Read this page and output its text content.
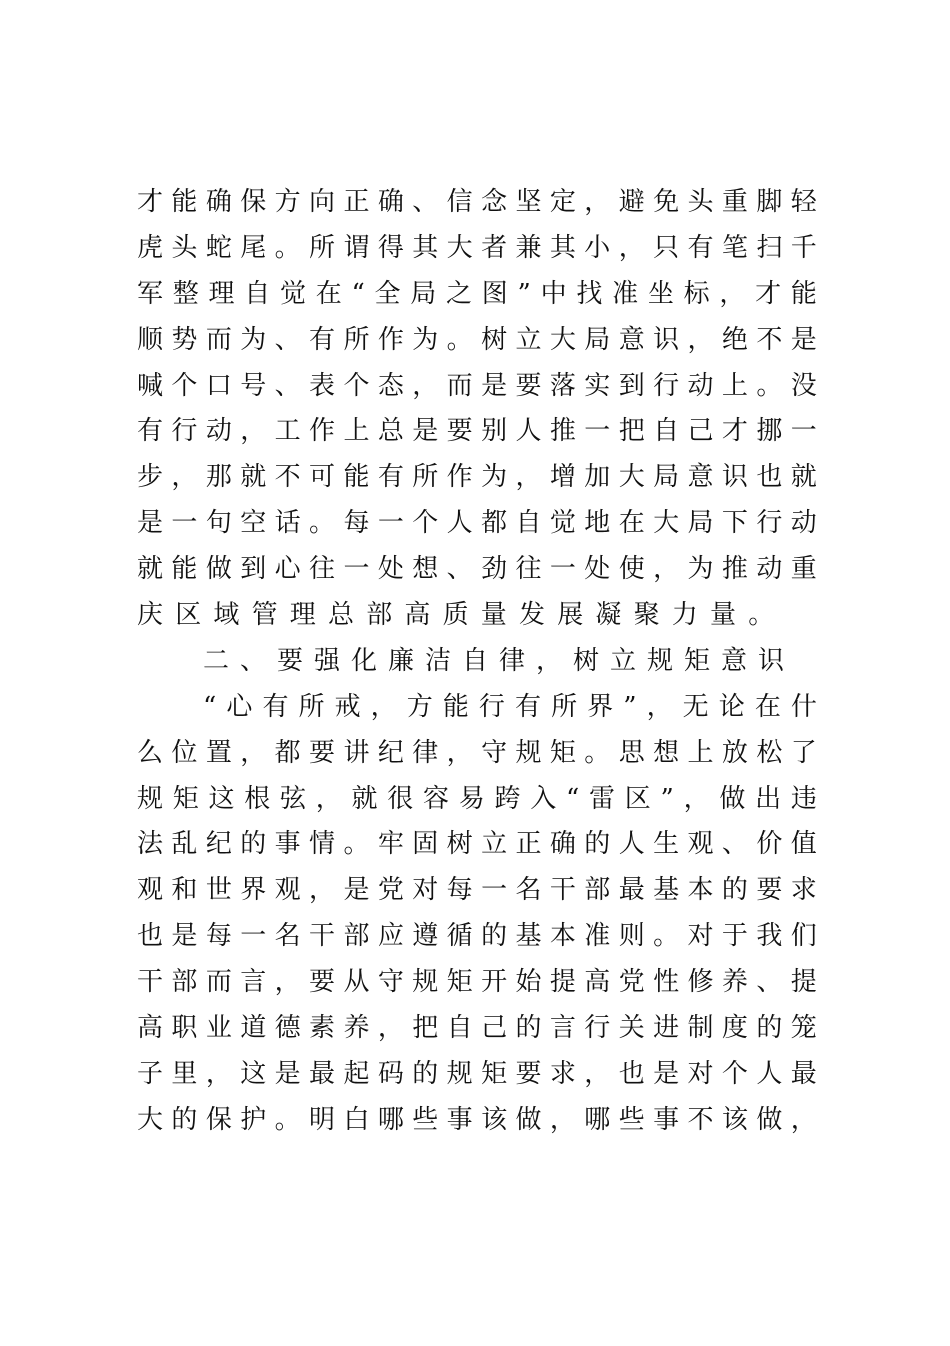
才 能 确 保 方 向 正 确 、 信 念 坚 定 ， 避 免 头 重 脚 轻
虎 头 蛇 尾 。 所 谓 得 其 大 者 兼 其 小 ， 只 有 笔 扫 千
军 整 理 自 觉 在 “ 全 局 之 图 ” 中 找 准 坐 标 ， 才 能
顺 势 而 为 、 有 所 作 为 。 树 立 大 局 意 识 ， 绝 不 是
喊 个 口 号 、 表 个 态 ， 而 是 要 落 实 到 行 动 上 。 没
有 行 动 ， 工 作 上 总 是 要 别 人 推 一 把 自 己 才 挪 一
步 ， 那 就 不 可 能 有 所 作 为 ， 增 加 大 局 意 识 也 就
是 一 句 空 话 。 每 一 个 人 都 自 觉 地 在 大 局 下 行 动
就 能 做 到 心 往 一 处 想 、 劲 往 一 处 使 ， 为 推 动 重
庆区域管理总部高质量发展凝聚力量。
二、要强化廉洁自律，树立规矩意识
“ 心 有 所 戒 ， 方 能 行 有 所 界 ” ， 无 论 在 什
么 位 置 ， 都 要 讲 纪 律 ， 守 规 矩 。 思 想 上 放 松 了
规 矩 这 根 弦 ， 就 很 容 易 跨 入 “ 雷 区 ” ， 做 出 违
法 乱 纪 的 事 情 。 牢 固 树 立 正 确 的 人 生 观 、 价 值
观 和 世 界 观 ， 是 党 对 每 一 名 干 部 最 基 本 的 要 求
也 是 每 一 名 干 部 应 遵 循 的 基 本 准 则 。 对 于 我 们
干 部 而 言 ， 要 从 守 规 矩 开 始 提 高 党 性 修 养 、 提
高 职 业 道 德 素 养 ， 把 自 己 的 言 行 关 进 制 度 的 笼
子 里 ， 这 是 最 起 码 的 规 矩 要 求 ， 也 是 对 个 人 最
大 的 保 护 。 明 白 哪 些 事 该 做 ， 哪 些 事 不 该 做 ，
